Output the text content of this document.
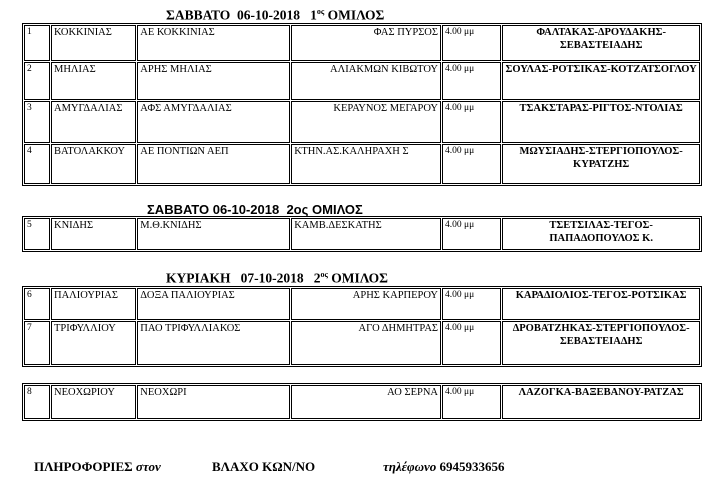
ΣΑΒΒΑΤΟ 06-10-2018 $1^{o\varsigma}$ ΟΜΙΛΟΣ
1	ΚΟΚΚΙΝΙΑΣ	ΑΕ ΚΟΚΚΙΝΙΑΣ	ΦΑΣ ΠΥΡΣΟΣ	4.00 μμ	ΦΑΛΤΑΚΑΣ-ΔΡΟΥΔΑΚΗΣ-ΣΕΒΑΣΤΕΙΑΔΗΣ
2	ΜΗΛΙΑΣ	ΑΡΗΣ ΜΗΛΙΑΣ	ΑΛΙΑΚΜΩΝ ΚΙΒΩΤΟΥ	4.00 μμ	ΣΟΥΛΑΣ-ΡΟΤΣΙΚΑΣ-ΚΟΤΖΑΤΣΟΓΛΟΥ
3	ΑΜΥΓΔΑΛΙΑΣ	ΑΦΣ ΑΜΥΓΔΑΛΙΑΣ	ΚΕΡΑΥΝΟΣ ΜΕΓΑΡΟΥ	4.00 μμ	ΤΣΑΚΣΤΑΡΑΣ-ΡΙΓΤΟΣ-ΝΤΟΛΙΑΣ
4	ΒΑΤΟΛΑΚΚΟΥ	ΑΕ ΠΟΝΤΙΩΝ ΑΕΠ	ΚΤΗΝ.ΑΣ.ΚΑΛΗΡΑΧΗ Σ	4.00 μμ	ΜΩΥΣΙΑΔΗΣ-ΣΤΕΡΓΙΟΠΟΥΛΟΣ-ΚΥΡΑΤΖΗΣ
ΣΑΒΒΑΤΟ 06-10-2018 2ος ΟΜΙΛΟΣ
5	ΚΝΙΔΗΣ	Μ.Θ.ΚΝΙΔΗΣ	ΚΑΜΒ.ΔΕΣΚΑΤΗΣ	4.00 μμ	ΤΣΕΤΣΙΛΑΣ-ΤΕΓΟΣ-ΠΑΠΑΔΟΠΟΥΛΟΣ Κ.
ΚΥΡΙΑΚΗ 07-10-2018 $2^{o\varsigma}$ ΟΜΙΛΟΣ
6	ΠΑΛΙΟΥΡΙΑΣ	ΔΟΞΑ ΠΑΛΙΟΥΡΙΑΣ	ΑΡΗΣ ΚΑΡΠΕΡΟΥ	4.00 μμ	ΚΑΡΑΔΙΟΛΙΟΣ-ΤΕΓΟΣ-ΡΟΤΣΙΚΑΣ
7	ΤΡΙΦΥΛΛΙΟΥ	ΠΑΟ ΤΡΙΦΥΛΛΙΑΚΟΣ	ΑΓΟ ΔΗΜΗΤΡΑΣ	4.00 μμ	ΔΡΟΒΑΤΖΗΚΑΣ-ΣΤΕΡΓΙΟΠΟΥΛΟΣ-ΣΕΒΑΣΤΕΙΑΔΗΣ
8	ΝΕΟΧΩΡΙΟΥ	ΝΕΟΧΩΡΙ	ΑΟ ΣΕΡΝΑ	4.00 μμ	ΛΑΖΟΓΚΑ-ΒΑΞΕΒΑΝΟΥ-ΡΑΤΖΑΣ
ΠΛΗΡΟΦΟΡΙΕΣ στον	ΒΛΑΧΟ ΚΩΝ/ΝΟ	τηλέφωνο 6945933656
